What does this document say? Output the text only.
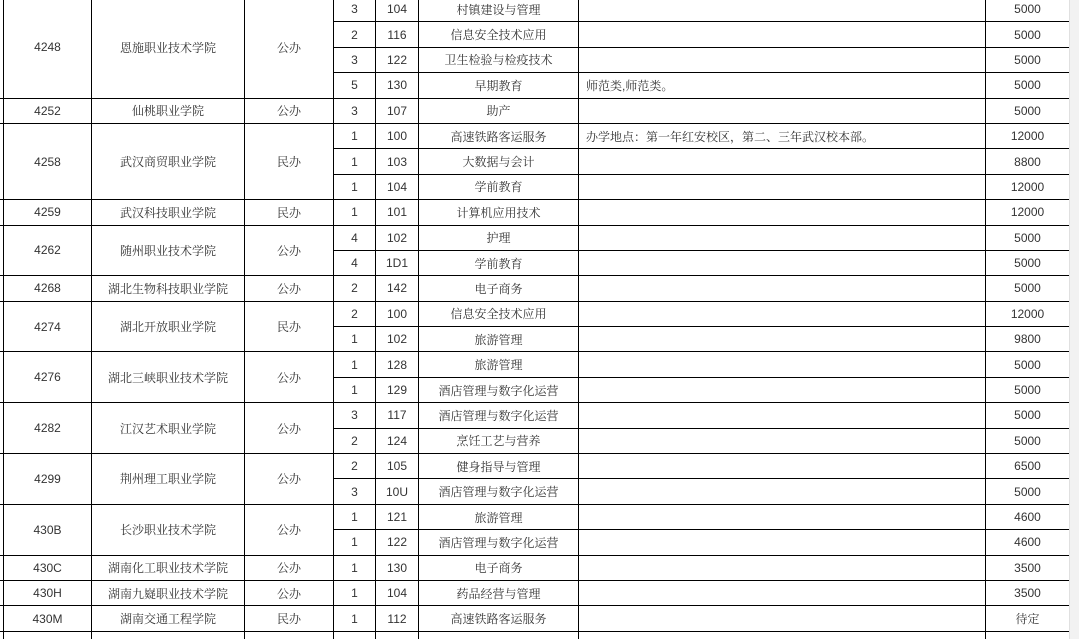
	4248	恩施职业技术学院	公办	3	104	村镇建设与管理		5000
				2	116	信息安全技术应用		5000
				3	122	卫生检验与检疫技术		5000
				5	130	早期教育	师范类,师范类。	5000
	4252	仙桃职业学院	公办	3	107	助产		5000
	4258	武汉商贸职业学院	民办	1	100	高速铁路客运服务	办学地点：第一年红安校区，第二、三年武汉校本部。	12000
				1	103	大数据与会计		8800
				1	104	学前教育		12000
	4259	武汉科技职业学院	民办	1	101	计算机应用技术		12000
	4262	随州职业技术学院	公办	4	102	护理		5000
				4	1D1	学前教育		5000
	4268	湖北生物科技职业学院	公办	2	142	电子商务		5000
	4274	湖北开放职业学院	民办	2	100	信息安全技术应用		12000
				1	102	旅游管理		9800
	4276	湖北三峡职业技术学院	公办	1	128	旅游管理		5000
				1	129	酒店管理与数字化运营		5000
	4282	江汉艺术职业学院	公办	3	117	酒店管理与数字化运营		5000
				2	124	烹饪工艺与营养		5000
	4299	荆州理工职业学院	公办	2	105	健身指导与管理		6500
				3	10U	酒店管理与数字化运营		5000
	430B	长沙职业技术学院	公办	1	121	旅游管理		4600
				1	122	酒店管理与数字化运营		4600
	430C	湖南化工职业技术学院	公办	1	130	电子商务		3500
	430H	湖南九嶷职业技术学院	公办	1	104	药品经营与管理		3500
	430M	湖南交通工程学院	民办	1	112	高速铁路客运服务		待定
